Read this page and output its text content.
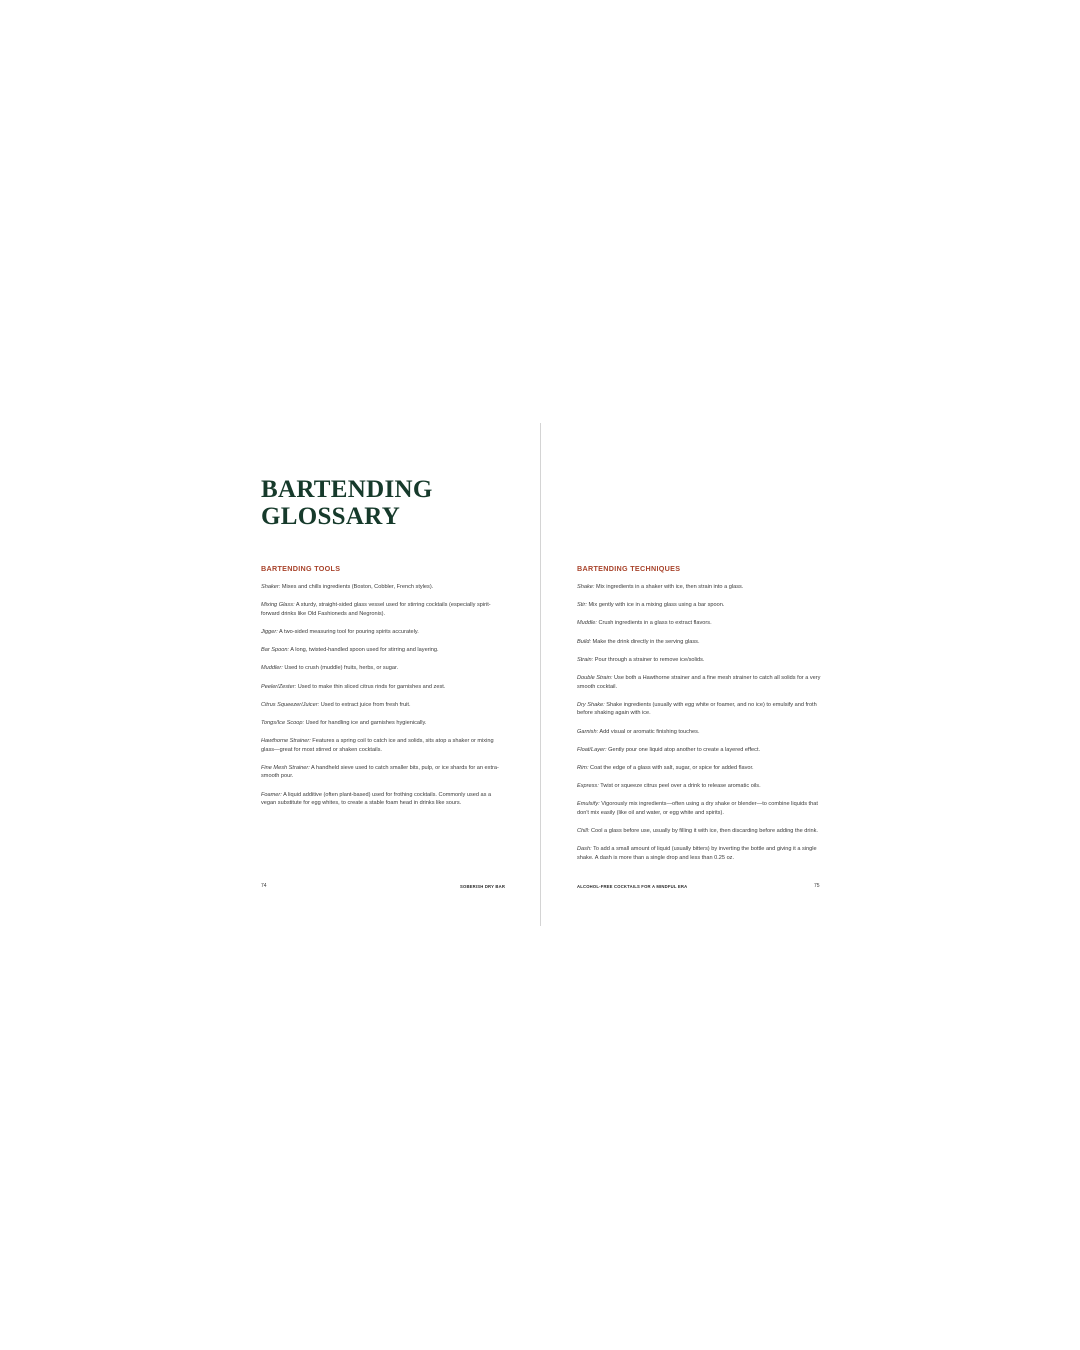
BARTENDING
GLOSSARY
BARTENDING TOOLS
Shaker: Mixes and chills ingredients (Boston, Cobbler, French styles).
Mixing Glass: A sturdy, straight-sided glass vessel used for stirring cocktails (especially spirit-forward drinks like Old Fashioneds and Negronis).
Jigger: A two-sided measuring tool for pouring spirits accurately.
Bar Spoon: A long, twisted-handled spoon used for stirring and layering.
Muddler: Used to crush (muddle) fruits, herbs, or sugar.
Peeler/Zester: Used to make thin sliced citrus rinds for garnishes and zest.
Citrus Squeezer/Juicer: Used to extract juice from fresh fruit.
Tongs/Ice Scoop: Used for handling ice and garnishes hygienically.
Hawthorne Strainer: Features a spring coil to catch ice and solids, sits atop a shaker or mixing glass—great for most stirred or shaken cocktails.
Fine Mesh Strainer: A handheld sieve used to catch smaller bits, pulp, or ice shards for an extra-smooth pour.
Foamer: A liquid additive (often plant-based) used for frothing cocktails. Commonly used as a vegan substitute for egg whites, to create a stable foam head in drinks like sours.
BARTENDING TECHNIQUES
Shake: Mix ingredients in a shaker with ice, then strain into a glass.
Stir: Mix gently with ice in a mixing glass using a bar spoon.
Muddle: Crush ingredients in a glass to extract flavors.
Build: Make the drink directly in the serving glass.
Strain: Pour through a strainer to remove ice/solids.
Double Strain: Use both a Hawthorne strainer and a fine mesh strainer to catch all solids for a very smooth cocktail.
Dry Shake: Shake ingredients (usually with egg white or foamer, and no ice) to emulsify and froth before shaking again with ice.
Garnish: Add visual or aromatic finishing touches.
Float/Layer: Gently pour one liquid atop another to create a layered effect.
Rim: Coat the edge of a glass with salt, sugar, or spice for added flavor.
Express: Twist or squeeze citrus peel over a drink to release aromatic oils.
Emulsify: Vigorously mix ingredients—often using a dry shake or blender—to combine liquids that don't mix easily (like oil and water, or egg white and spirits).
Chill: Cool a glass before use, usually by filling it with ice, then discarding before adding the drink.
Dash: To add a small amount of liquid (usually bitters) by inverting the bottle and giving it a single shake. A dash is more than a single drop and less than 0.25 oz.
74	SOBERISH DRY BAR	ALCOHOL-FREE COCKTAILS FOR A MINDFUL ERA	75
